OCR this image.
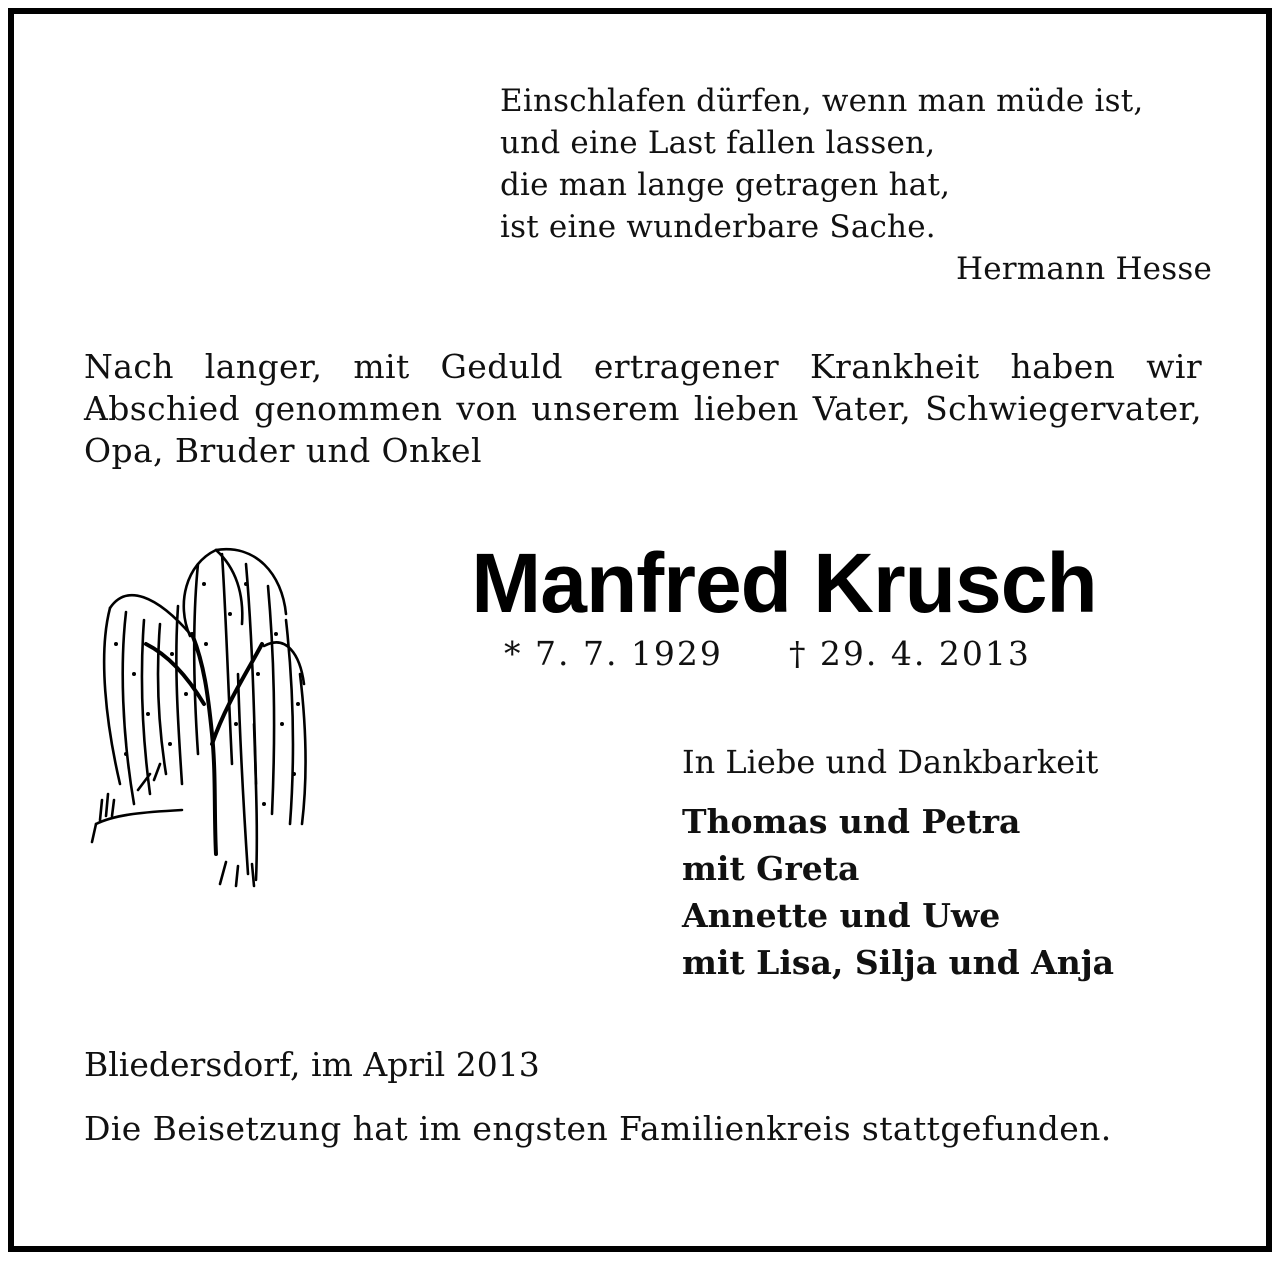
Einschlafen dürfen, wenn man müde ist,
und eine Last fallen lassen,
die man lange getragen hat,
ist eine wunderbare Sache.
Hermann Hesse
Nach langer, mit Geduld ertragener Krankheit haben wir Abschied genommen von unserem lieben Vater, Schwiegervater, Opa, Bruder und Onkel
Manfred Krusch
* 7. 7. 1929 † 29. 4. 2013
In Liebe und Dankbarkeit
Thomas und Petra
mit Greta
Annette und Uwe
mit Lisa, Silja und Anja
Bliedersdorf, im April 2013
Die Beisetzung hat im engsten Familienkreis stattgefunden.
